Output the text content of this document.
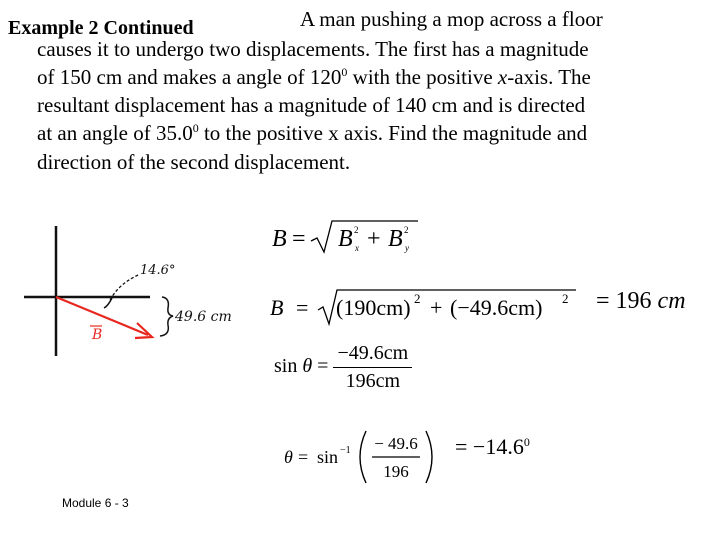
Example 2 Continued	A man pushing a mop across a floor
causes it to undergo two displacements. The first has a magnitude
of 150 cm and makes a angle of $120^0$ with the positive x-axis. The
resultant displacement has a magnitude of 140 cm and is directed
at an angle of 35.0$^0$ to the positive x axis. Find the magnitude and
direction of the second displacement.
14.6°
49.6 cm
B
B = B 2
x + B 2
y
B = (190cm) 2 + (−49.6cm) 2 = 196 cm
$\sin \theta = \frac{-49.6cm}{196cm}$
θ = sin −1 − 49.6
196
= $-14.6^0$
Module 6 - 3
